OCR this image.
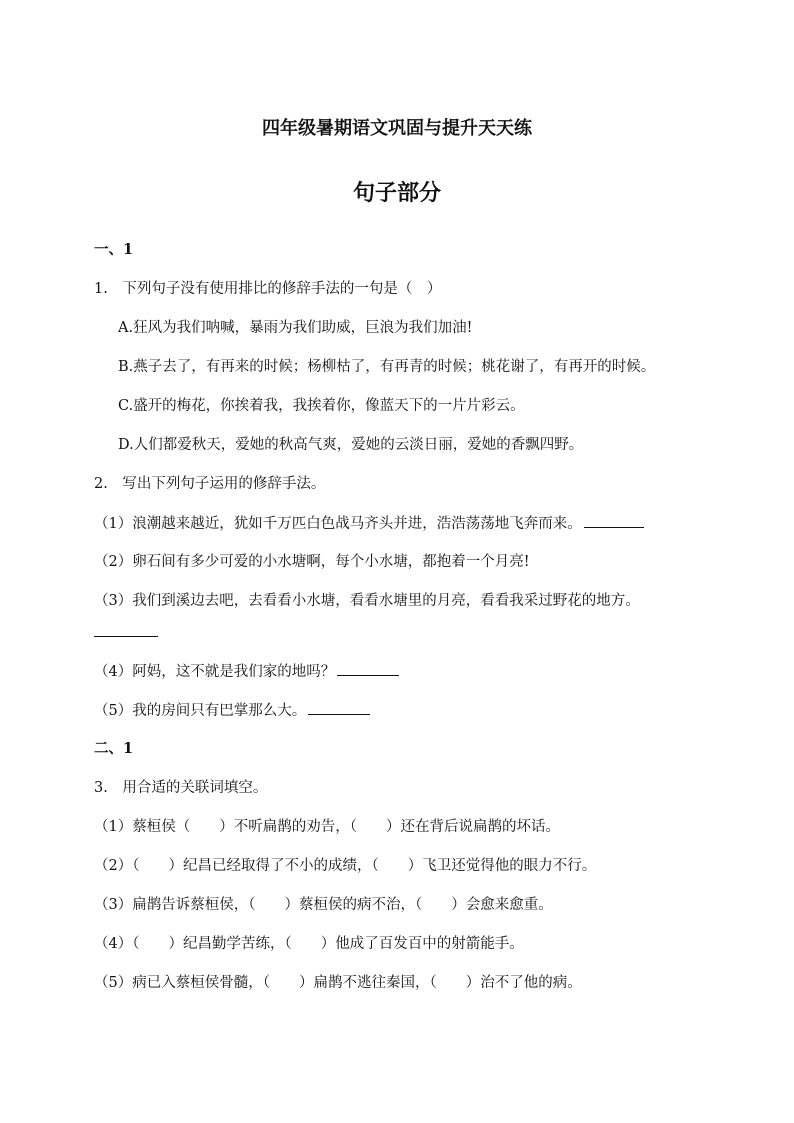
四年级暑期语文巩固与提升天天练
句子部分
一、1
1.　下列句子没有使用排比的修辞手法的一句是（　）
A.狂风为我们呐喊，暴雨为我们助威，巨浪为我们加油!
B.燕子去了，有再来的时候；杨柳枯了，有再青的时候；桃花谢了，有再开的时候。
C.盛开的梅花，你挨着我，我挨着你，像蓝天下的一片片彩云。
D.人们都爱秋天，爱她的秋高气爽，爱她的云淡日丽，爱她的香飘四野。
2.　写出下列句子运用的修辞手法。
（1）浪潮越来越近，犹如千万匹白色战马齐头并进，浩浩荡荡地飞奔而来。
（2）卵石间有多少可爱的小水塘啊，每个小水塘，都抱着一个月亮!
（3）我们到溪边去吧，去看看小水塘，看看水塘里的月亮，看看我采过野花的地方。
（4）阿妈，这不就是我们家的地吗？
（5）我的房间只有巴掌那么大。
二、1
3.　用合适的关联词填空。
（1）蔡桓侯（　　）不听扁鹊的劝告，（　　）还在背后说扁鹊的坏话。
（2）（　　）纪昌已经取得了不小的成绩，（　　）飞卫还觉得他的眼力不行。
（3）扁鹊告诉蔡桓侯，（　　）蔡桓侯的病不治，（　　）会愈来愈重。
（4）（　　）纪昌勤学苦练，（　　）他成了百发百中的射箭能手。
（5）病已入蔡桓侯骨髓，（　　）扁鹊不逃往秦国，（　　）治不了他的病。
